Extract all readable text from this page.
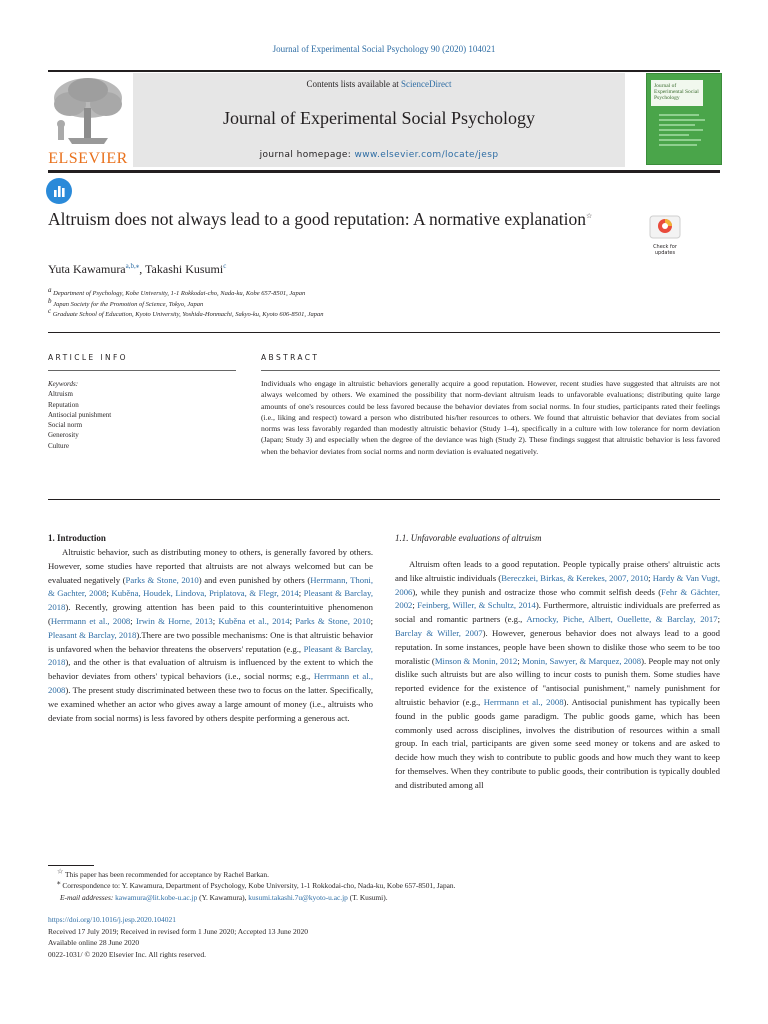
Journal of Experimental Social Psychology 90 (2020) 104021
ELSEVIER
Contents lists available at ScienceDirect
Journal of Experimental Social Psychology
journal homepage: www.elsevier.com/locate/jesp
Journal of Experimental Social Psychology
Check for updates
Altruism does not always lead to a good reputation: A normative explanation☆
Yuta Kawamura$^{a,b,⁎}$, Takashi Kusumi$^c$
$^a$ Department of Psychology, Kobe University, 1-1 Rokkodai-cho, Nada-ku, Kobe 657-8501, Japan
$^b$ Japan Society for the Promotion of Science, Tokyo, Japan
$^c$ Graduate School of Education, Kyoto University, Yoshida-Honmachi, Sakyo-ku, Kyoto 606-8501, Japan
ARTICLE INFO	ABSTRACT
Keywords:
Altruism
Reputation
Antisocial punishment
Social norm
Generosity
Culture
Individuals who engage in altruistic behaviors generally acquire a good reputation. However, recent studies have suggested that altruists are not always welcomed by others. We examined the possibility that norm-deviant altruism leads to unfavorable evaluations; distributing quite large amounts of one's resources could be less favored because the behavior deviates from social norms. In four studies, participants rated their feelings (i.e., liking and respect) toward a person who distributed his/her resources to others. We found that altruistic behavior that deviates from social norms was less favorably regarded than modestly altruistic behavior (Study 1–4), specifically in a culture with low tolerance for norm deviation (Japan; Study 3) and especially when the degree of the deviance was high (Study 2). These findings suggest that altruistic behavior is less favored when the behavior deviates from social norms and norm deviation is evaluated negatively.
1. Introduction	1.1. Unfavorable evaluations of altruism
Altruistic behavior, such as distributing money to others, is generally favored by others. However, some studies have reported that altruists are not always welcomed but can be evaluated negatively (Parks & Stone, 2010) and even punished by others (Herrmann, Thoni, & Gachter, 2008; Kuběna, Houdek, Lindova, Priplatova, & Flegr, 2014; Pleasant & Barclay, 2018). Recently, growing attention has been paid to this counterintuitive phenomenon (Herrmann et al., 2008; Irwin & Horne, 2013; Kuběna et al., 2014; Parks & Stone, 2010; Pleasant & Barclay, 2018).There are two possible mechanisms: One is that altruistic behavior is unfavored when the behavior threatens the observers' reputation (e.g., Pleasant & Barclay, 2018), and the other is that evaluation of altruism is influenced by the extent to which the behavior deviates from others' typical behaviors (i.e., social norms; e.g., Herrmann et al., 2008). The present study discriminated between these two to focus on the latter. Specifically, we examined whether an actor who gives away a large amount of money (i.e., altruists who deviate from social norms) is less favored by others despite performing a generous act.
Altruism often leads to a good reputation. People typically praise others' altruistic acts and like altruistic individuals (Bereczkei, Birkas, & Kerekes, 2007, 2010; Hardy & Van Vugt, 2006), while they punish and ostracize those who commit selfish deeds (Fehr & Gächter, 2002; Feinberg, Willer, & Schultz, 2014). Furthermore, altruistic individuals are preferred as social and romantic partners (e.g., Arnocky, Piche, Albert, Ouellette, & Barclay, 2017; Barclay & Willer, 2007). However, generous behavior does not always lead to a good reputation. In some instances, people have been shown to dislike those who seem to be too moralistic (Minson & Monin, 2012; Monin, Sawyer, & Marquez, 2008). People may not only dislike such altruists but are also willing to incur costs to punish them. Some studies have reported evidence for the existence of "antisocial punishment," namely punishment for altruistic behavior (e.g., Herrmann et al., 2008). Antisocial punishment has typically been found in the public goods game paradigm. The public goods game, which has been commonly used across disciplines, involves the distribution of resources within a small group. In each trial, participants are given some seed money or tokens and are asked to decide how much they wish to contribute to public goods and how much they want to keep for themselves. When they contribute to public goods, their contribution is typically doubled and distributed among all
☆ This paper has been recommended for acceptance by Rachel Barkan.
⁎ Correspondence to: Y. Kawamura, Department of Psychology, Kobe University, 1-1 Rokkodai-cho, Nada-ku, Kobe 657-8501, Japan.
E-mail addresses: kawamura@lit.kobe-u.ac.jp (Y. Kawamura), kusumi.takashi.7u@kyoto-u.ac.jp (T. Kusumi).
https://doi.org/10.1016/j.jesp.2020.104021
Received 17 July 2019; Received in revised form 1 June 2020; Accepted 13 June 2020
Available online 28 June 2020
0022-1031/ © 2020 Elsevier Inc. All rights reserved.
